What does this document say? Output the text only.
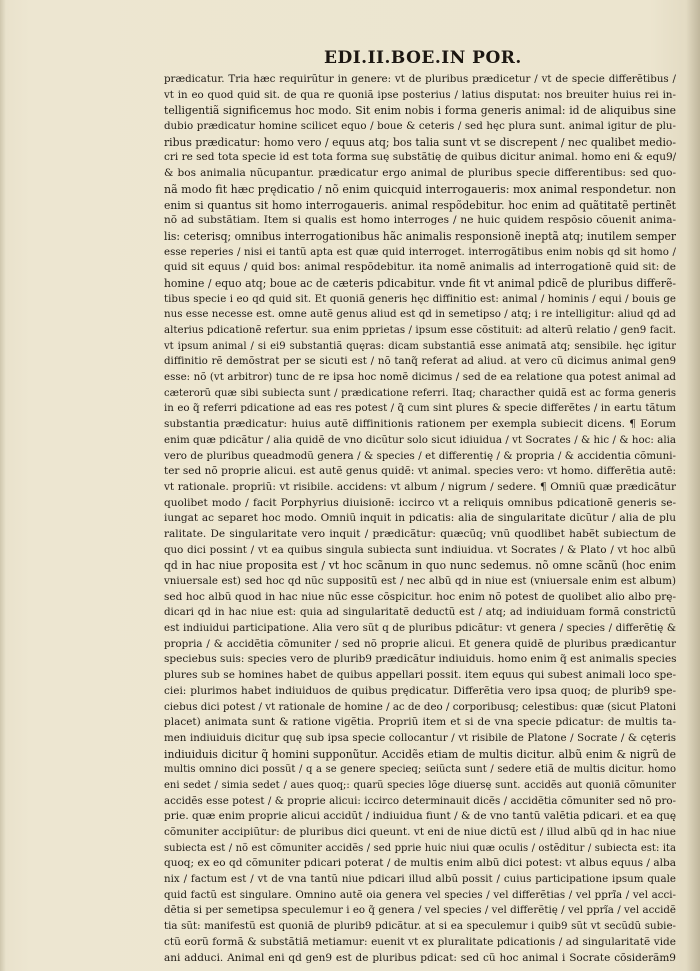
EDI.II.BOE.IN POR.
prædicatur. Tria hæc requirũtur in genere: vt de pluribus prædicetur / vt de specie differẽtibus /
vt in eo quod quid sit. de qua re quoniã ipse posterius / latius disputat: nos breuiter huius rei in-
telligentiã significemus hoc modo. Sit enim nobis i forma generis animal: id de aliquibus sine
dubio prædicatur homine scilicet equo / boue & ceteris / sed hęc plura sunt. animal igitur de plu-
ribus prædicatur: homo vero / equus atq; bos talia sunt vt se discrepent / nec qualibet medio-
cri re sed tota specie id est tota forma suę substãtię de quibus dicitur animal. homo eni & equ9/
& bos animalia nũcupantur. prædicatur ergo animal de pluribus specie differentibus: sed quo-
nã modo fit hæc prędicatio / nõ enim quicquid interrogaueris: mox animal respondetur. non
enim si quantus sit homo interrogaueris. animal respõdebitur. hoc enim ad quãtitatẽ pertinẽt
nõ ad substãtiam. Item si qualis est homo interroges / ne huic quidem respõsio cõuenit anima-
lis: ceterisq; omnibus interrogationibus hãc animalis responsionẽ ineptã atq; inutilem semper
esse reperies / nisi ei tantũ apta est quæ quid interroget. interrogãtibus enim nobis qd sit homo /
quid sit equus / quid bos: animal respõdebitur. ita nomẽ animalis ad interrogationẽ quid sit: de
homine / equo atq; boue ac de cæteris pdicabitur. vnde fit vt animal pdicẽ de pluribus differẽ-
tibus specie i eo qd quid sit. Et quoniã generis hęc diffinitio est: animal / hominis / equi / bouis ge
nus esse necesse est. omne autẽ genus aliud est qd in semetipso / atq; i re intelligitur: aliud qd ad
alterius pdicationẽ refertur. sua enim pprietas / ipsum esse cõstituit: ad alterũ relatio / gen9 facit.
vt ipsum animal / si ei9 substantiã quęras: dicam substantiã esse animatã atq; sensibile. hęc igitur
diffinitio rẽ demõstrat per se sicuti est / nõ tanq̃ referat ad aliud. at vero cũ dicimus animal gen9
esse: nõ (vt arbitror) tunc de re ipsa hoc nomẽ dicimus / sed de ea relatione qua potest animal ad
cæterorũ quæ sibi subiecta sunt / prædicatione referri. Itaq; characther quidã est ac forma generis
in eo q̃ referri pdicatione ad eas res potest / q̃ cum sint plures & specie differẽtes / in eartu tãtum
substantia prædicatur: huius autẽ diffinitionis rationem per exempla subiecit dicens. ¶ Eorum
enim quæ pdicãtur / alia quidẽ de vno dicũtur solo sicut idiuidua / vt Socrates / & hic / & hoc: alia
vero de pluribus queadmodũ genera / & species / et differentię / & propria / & accidentia cõmuni-
ter sed nõ proprie alicui. est autẽ genus quidẽ: vt animal. species vero: vt homo. differẽtia autẽ:
vt rationale. propriũ: vt risibile. accidens: vt album / nigrum / sedere. ¶ Omniũ quæ prædicãtur
quolibet modo / facit Porphyrius diuisionẽ: iccirco vt a reliquis omnibus pdicationẽ generis se-
iungat ac separet hoc modo. Omniũ inquit in pdicatis: alia de singularitate dicũtur / alia de plu
ralitate. De singularitate vero inquit / prædicãtur: quæcũq; vnũ quodlibet habẽt subiectum de
quo dici possint / vt ea quibus singula subiecta sunt indiuidua. vt Socrates / & Plato / vt hoc albũ
qd in hac niue proposita est / vt hoc scãnum in quo nunc sedemus. nõ omne scãnũ (hoc enim
vniuersale est) sed hoc qd nũc suppositũ est / nec albũ qd in niue est (vniuersale enim est album)
sed hoc albũ quod in hac niue nũc esse cõspicitur. hoc enim nõ potest de quolibet alio albo prę-
dicari qd in hac niue est: quia ad singularitatẽ deductũ est / atq; ad indiuiduam formã constrictũ
est indiuidui participatione. Alia vero sũt q de pluribus pdicãtur: vt genera / species / differẽtię &
propria / & accidẽtia cõmuniter / sed nõ proprie alicui. Et genera quidẽ de pluribus prædicantur
speciebus suis: species vero de plurib9 prædicãtur indiuiduis. homo enim q̃ est animalis species
plures sub se homines habet de quibus appellari possit. item equus qui subest animali loco spe-
ciei: plurimos habet indiuiduos de quibus prędicatur. Differẽtia vero ipsa quoq; de plurib9 spe-
ciebus dici potest / vt rationale de homine / ac de deo / corporibusq; celestibus: quæ (sicut Platoni
placet) animata sunt & ratione vigẽtia. Propriũ item et si de vna specie pdicatur: de multis ta-
men indiuiduis dicitur quę sub ipsa specie collocantur / vt risibile de Platone / Socrate / & cęteris
indiuiduis dicitur q̃ homini supponũtur. Accidẽs etiam de multis dicitur. albũ enim & nigrũ de
multis omnino dici possũt / q a se genere specieq; seiũcta sunt / sedere etiã de multis dicitur. homo
eni sedet / simia sedet / aues quoq;: quarũ species lõge diuersę sunt. accidẽs aut quoniã cõmuniter
accidẽs esse potest / & proprie alicui: iccirco determinauit dicẽs / accidẽtia cõmuniter sed nõ pro-
prie. quæ enim proprie alicui accidũt / indiuidua fiunt / & de vno tantũ valẽtia pdicari. et ea quę
cõmuniter accipiũtur: de pluribus dici queunt. vt eni de niue dictũ est / illud albũ qd in hac niue
subiecta est / nõ est cõmuniter accidẽs / sed pprie huic niui quæ oculis / ostẽditur / subiecta est: ita
quoq; ex eo qd cõmuniter pdicari poterat / de multis enim albũ dici potest: vt albus equus / alba
nix / factum est / vt de vna tantũ niue pdicari illud albũ possit / cuius participatione ipsum quale
quid factũ est singulare. Omnino autẽ oia genera vel species / vel differẽtias / vel pprĩa / vel acci-
dẽtia si per semetipsa speculemur i eo q̃ genera / vel species / vel differẽtię / vel pprĩa / vel accidẽ
tia sũt: manifestũ est quoniã de plurib9 pdicãtur. at si ea speculemur i quib9 sũt vt secũdũ subie-
ctũ eorũ formã & substãtiã metiamur: euenit vt ex pluralitate pdicationis / ad singularitatẽ vide
ani adduci. Animal eni qd gen9 est de pluribus pdicat: sed cũ hoc animal i Socrate cõsiderãm9
